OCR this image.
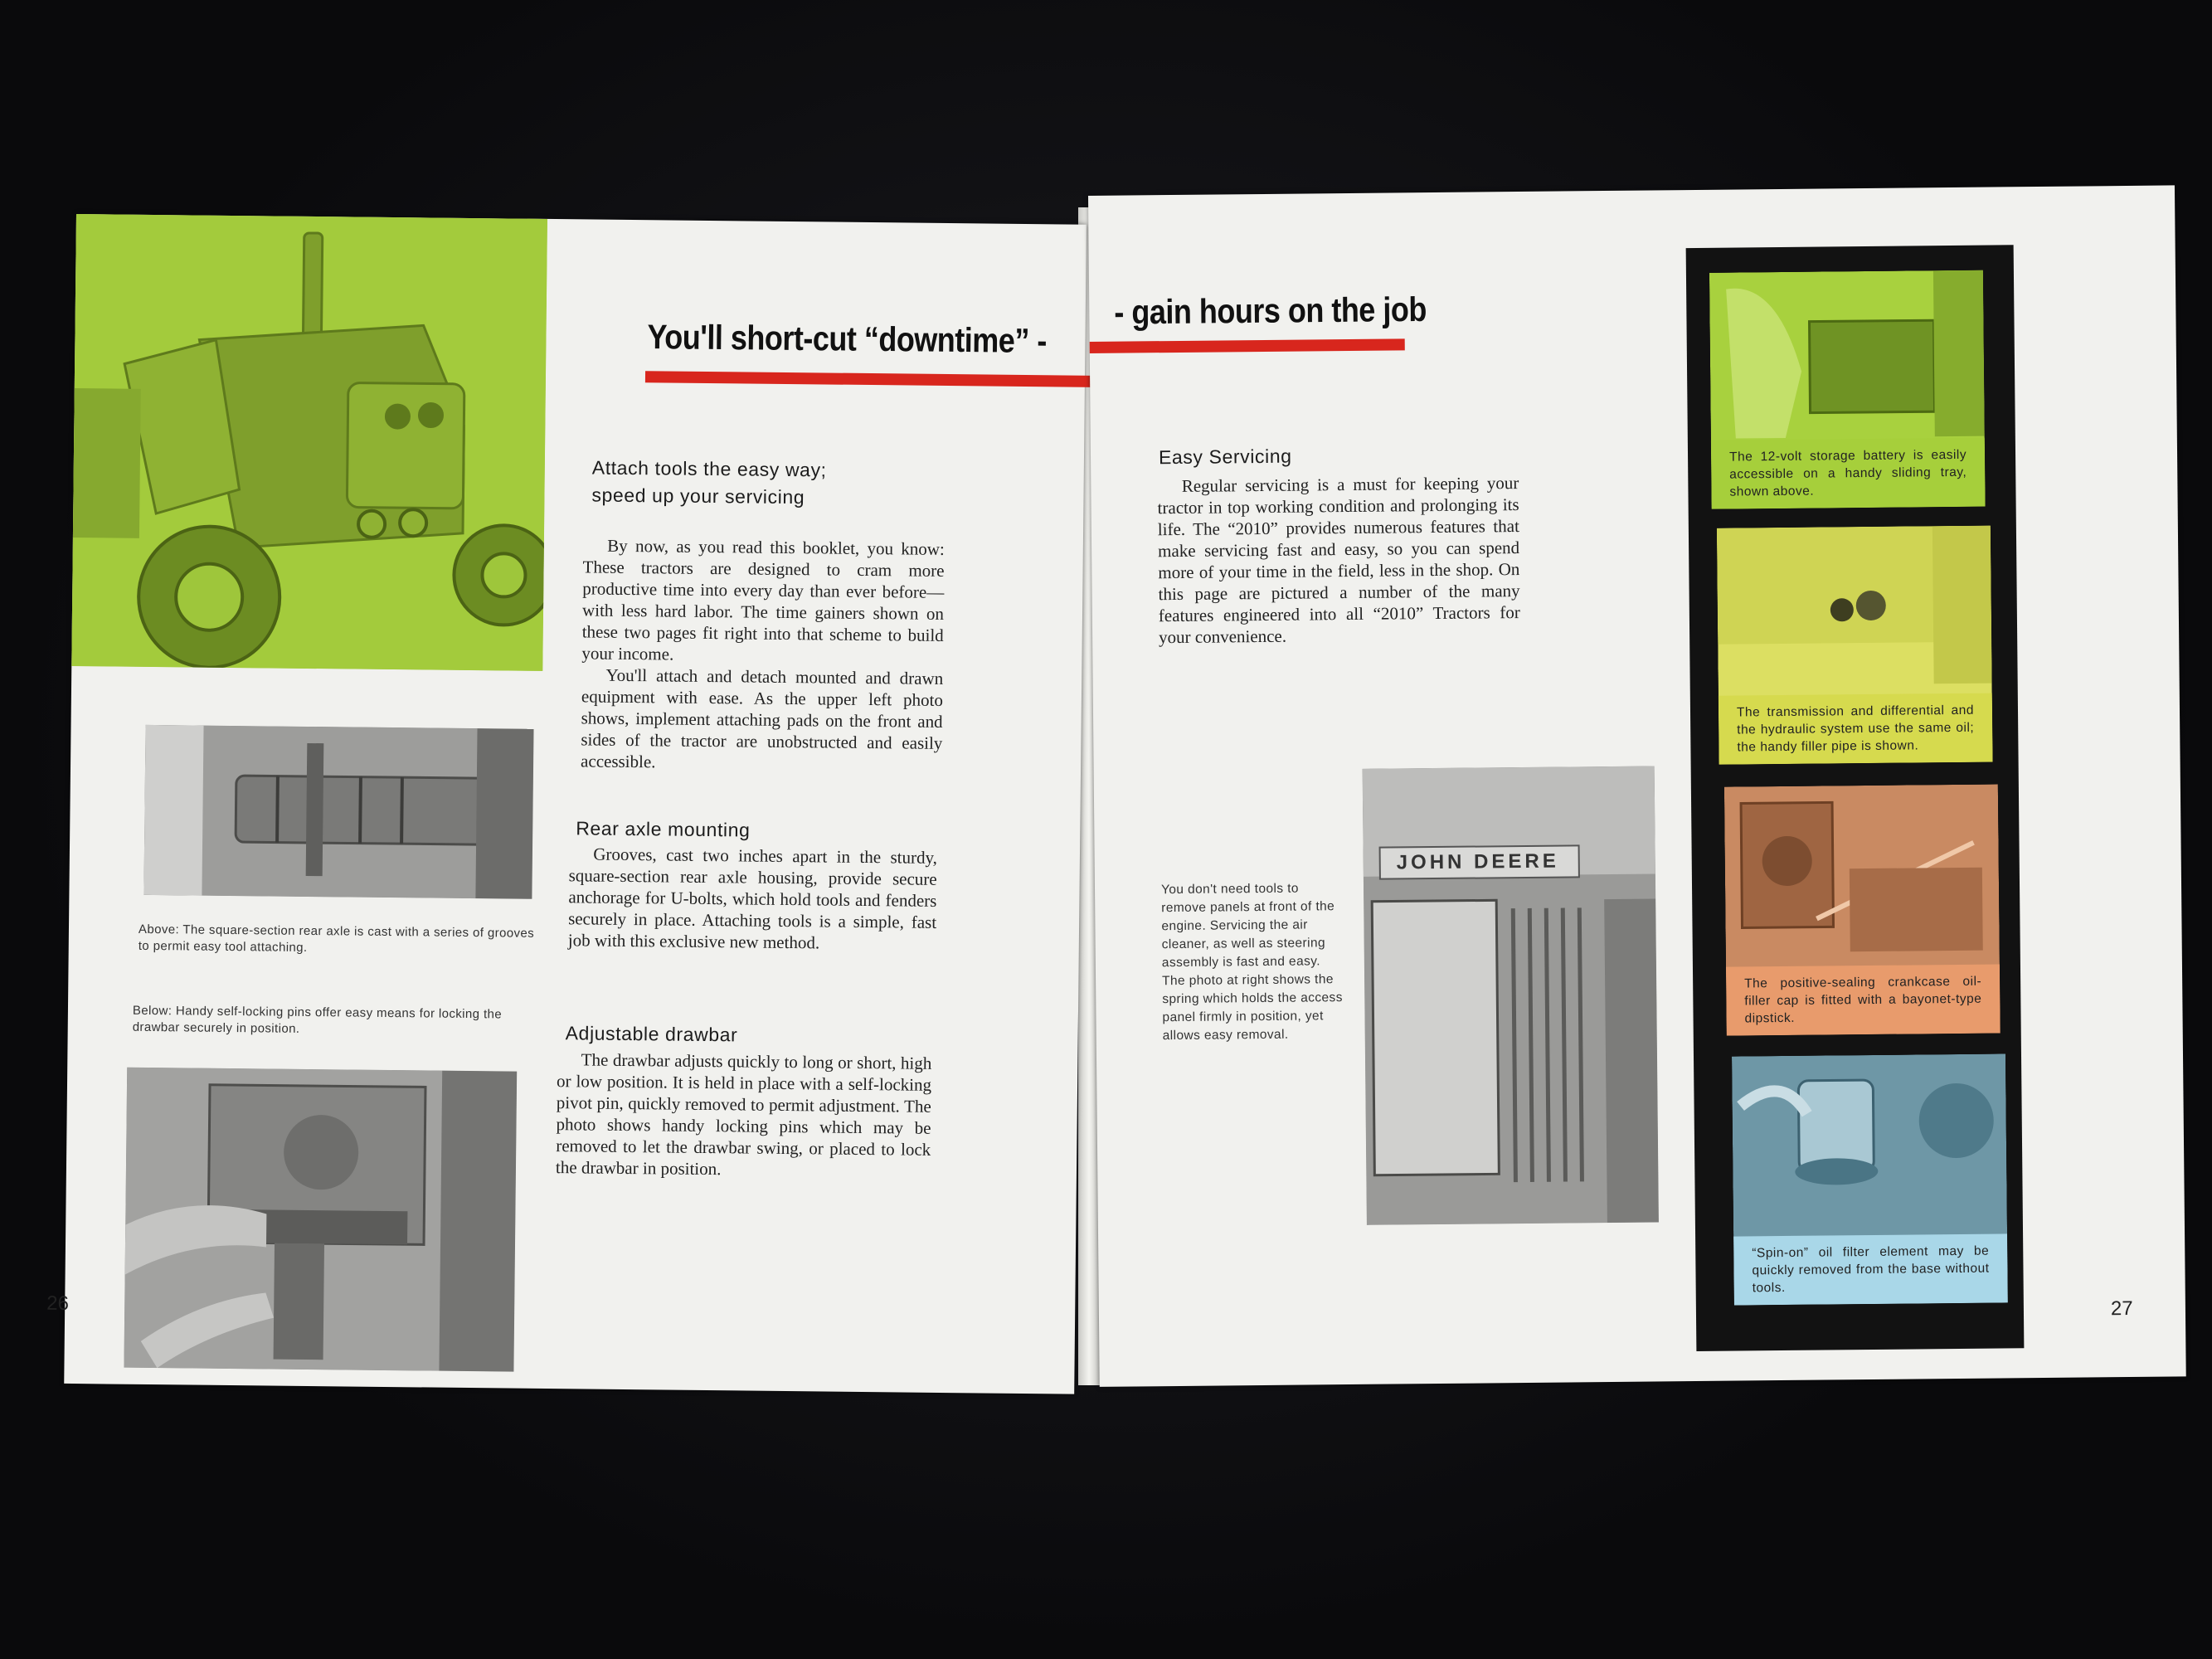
You'll short-cut “downtime” -
Attach tools the easy way;
speed up your servicing
By now, as you read this booklet, you know: These tractors are designed to cram more productive time into every day than ever before—with less hard labor. The time gainers shown on these two pages fit right into that scheme to build your income.
You'll attach and detach mounted and drawn equipment with ease. As the upper left photo shows, implement attaching pads on the front and sides of the tractor are unobstructed and easily accessible.
Above: The square-section rear axle is cast with a series of grooves to permit easy tool attaching.
Below: Handy self-locking pins offer easy means for locking the drawbar securely in position.
Rear axle mounting
Grooves, cast two inches apart in the sturdy, square-section rear axle housing, provide secure anchorage for U-bolts, which hold tools and fenders securely in place. Attaching tools is a simple, fast job with this exclusive new method.
Adjustable drawbar
The drawbar adjusts quickly to long or short, high or low position. It is held in place with a self-locking pivot pin, quickly removed to permit adjustment. The photo shows handy locking pins which may be removed to let the drawbar swing, or placed to lock the drawbar in position.
26
- gain hours on the job
Easy Servicing
Regular servicing is a must for keeping your tractor in top working condition and prolonging its life. The “2010” provides numerous features that make servicing fast and easy, so you can spend more of your time in the field, less in the shop. On this page are pictured a number of the many features engineered into all “2010” Tractors for your convenience.
You don't need tools to remove panels at front of the engine. Servicing the air cleaner, as well as steering assembly is fast and easy. The photo at right shows the spring which holds the access panel firmly in position, yet allows easy removal.
JOHN DEERE
27
The 12-volt storage battery is easily accessible on a handy sliding tray, shown above.
The transmission and differential and the hydraulic system use the same oil; the handy filler pipe is shown.
The positive-sealing crankcase oil-filler cap is fitted with a bayonet-type dipstick.
“Spin-on” oil filter element may be quickly removed from the base without tools.
